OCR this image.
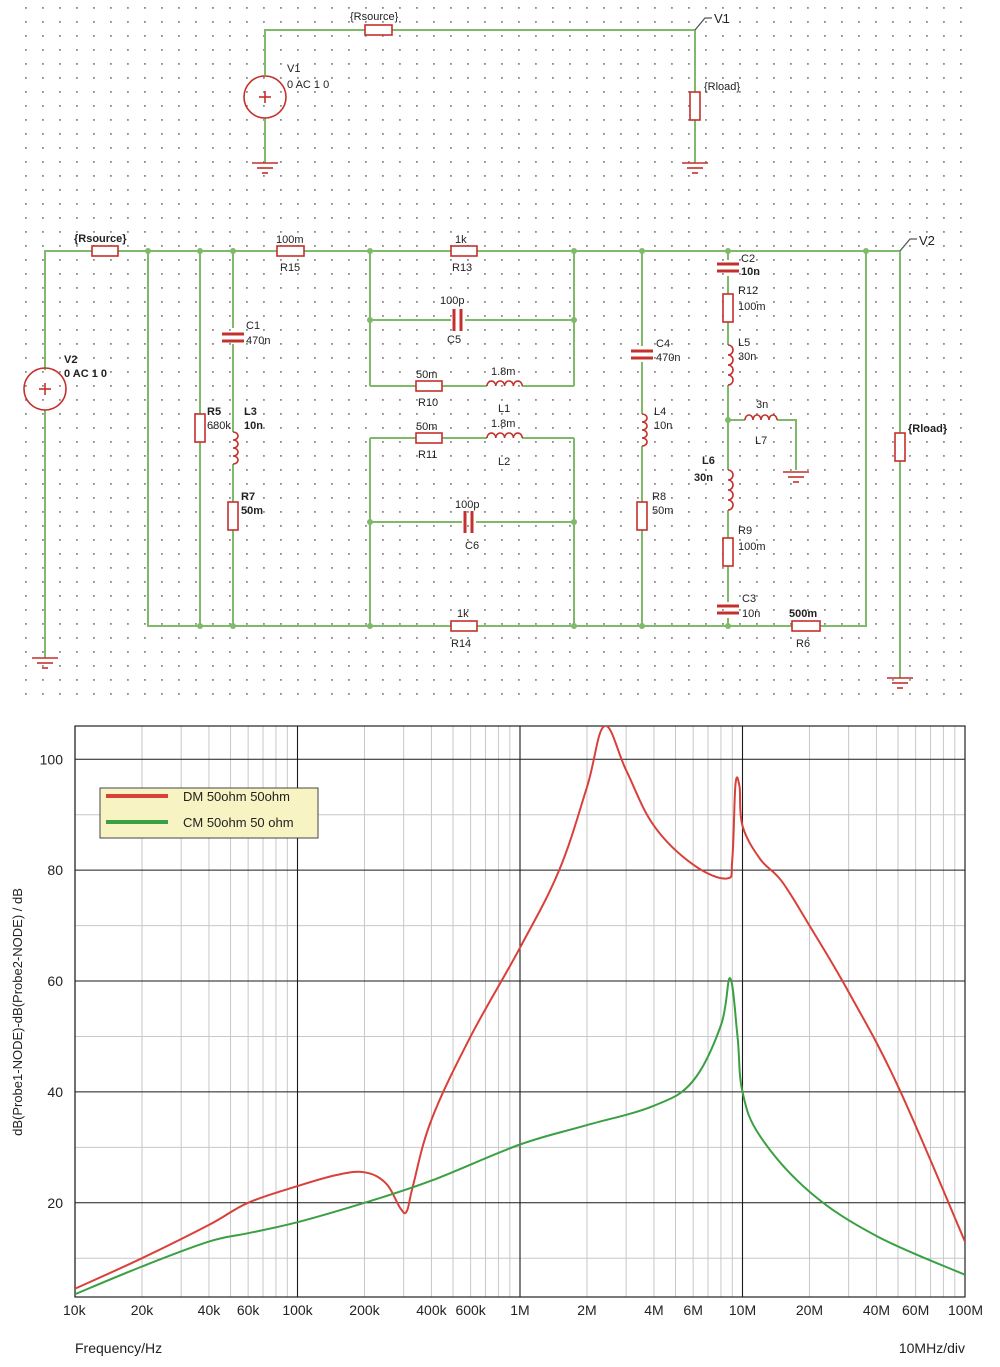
V1
{Rsource}
V1
0 AC 1 0	{Rload}
V2
{Rsource}
V2
0 AC 1 0
{Rload}
100m
R15
1k
R13
100p
C5
50m
R10
1.8m
L1
50m
R11
1.8m
L2
100p
C6
1k
R14
C1
470n
R5
680k
L3
10n
R7
50m
C4
470n
L4
10n
R8
50m
C2
10n
R12
100m
L5
30n
3n
L7
L6
30n
R9
100m
C3
10n	500m
R6
20
40
60
80
100
10k	20k	40k 60k 100k	200k	400k 600k 1M	2M	4M 6M 10M	20M	40M 60M 100M
dB(Probe1-NODE)-dB(Probe2-NODE) / dB
Frequency/Hz	10MHz/div
DM 50ohm 50ohm
CM 50ohm 50 ohm
